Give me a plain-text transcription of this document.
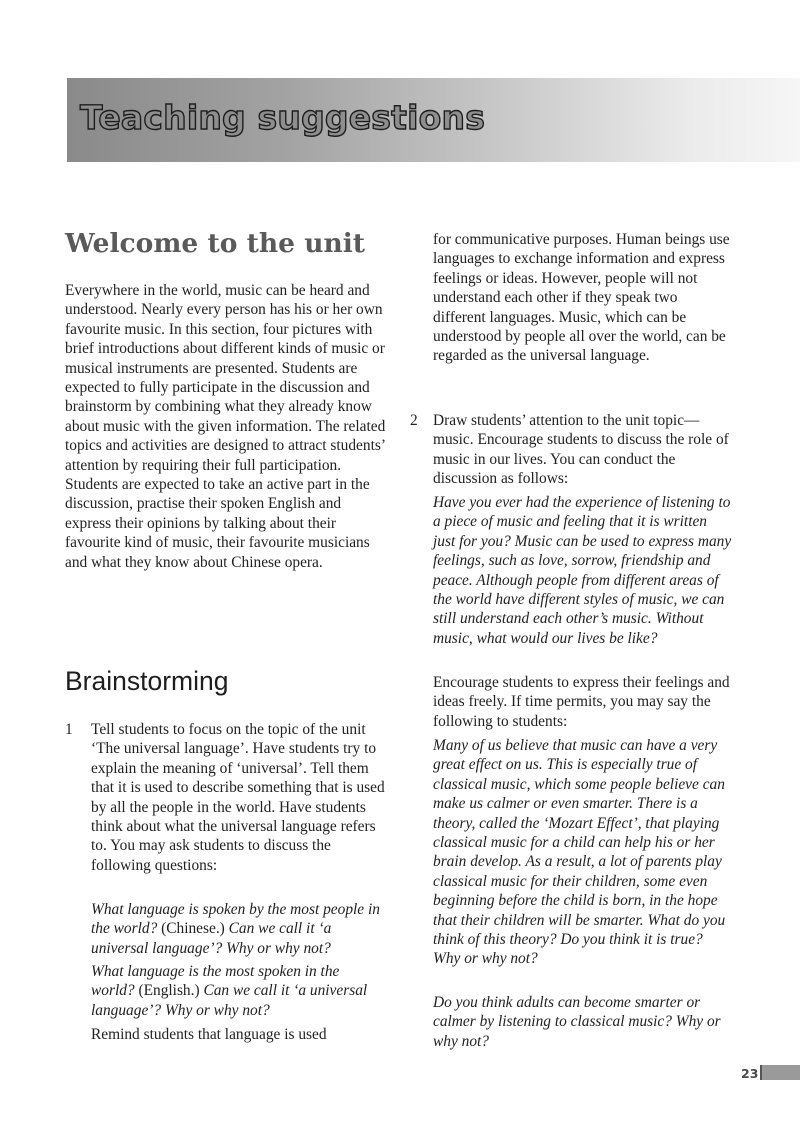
Teaching suggestions
Welcome to the unit

Everywhere in the world, music can be heard and understood. Nearly every person has his or her own favourite music. In this section, four pictures with brief introductions about different kinds of music or musical instruments are presented. Students are expected to fully participate in the discussion and brainstorm by combining what they already know about music with the given information. The related topics and activities are designed to attract students’ attention by requiring their full participation. Students are expected to take an active part in the discussion, practise their spoken English and express their opinions by talking about their favourite kind of music, their favourite musicians and what they know about Chinese opera.

Brainstorming
1 Tell students to focus on the topic of the unit ‘The universal language’. Have students try to explain the meaning of ‘universal’. Tell them that it is used to describe something that is used by all the people in the world. Have students think about what the universal language refers to. You may ask students to discuss the following questions:

What language is spoken by the most people in the world? (Chinese.) Can we call it ‘a universal language’? Why or why not?

What language is the most spoken in the world? (English.) Can we call it ‘a universal language’? Why or why not?

Remind students that language is used

for communicative purposes. Human beings use languages to exchange information and express feelings or ideas. However, people will not understand each other if they speak two different languages. Music, which can be understood by people all over the world, can be regarded as the universal language.

2 Draw students’ attention to the unit topic—music. Encourage students to discuss the role of music in our lives. You can conduct the discussion as follows:

Have you ever had the experience of listening to a piece of music and feeling that it is written just for you? Music can be used to express many feelings, such as love, sorrow, friendship and peace. Although people from different areas of the world have different styles of music, we can still understand each other’s music. Without music, what would our lives be like?

Encourage students to express their feelings and ideas freely. If time permits, you may say the following to students:

Many of us believe that music can have a very great effect on us. This is especially true of classical music, which some people believe can make us calmer or even smarter. There is a theory, called the ‘Mozart Effect’, that playing classical music for a child can help his or her brain develop. As a result, a lot of parents play classical music for their children, some even beginning before the child is born, in the hope that their children will be smarter. What do you think of this theory? Do you think it is true? Why or why not?

Do you think adults can become smarter or calmer by listening to classical music? Why or why not?

23
